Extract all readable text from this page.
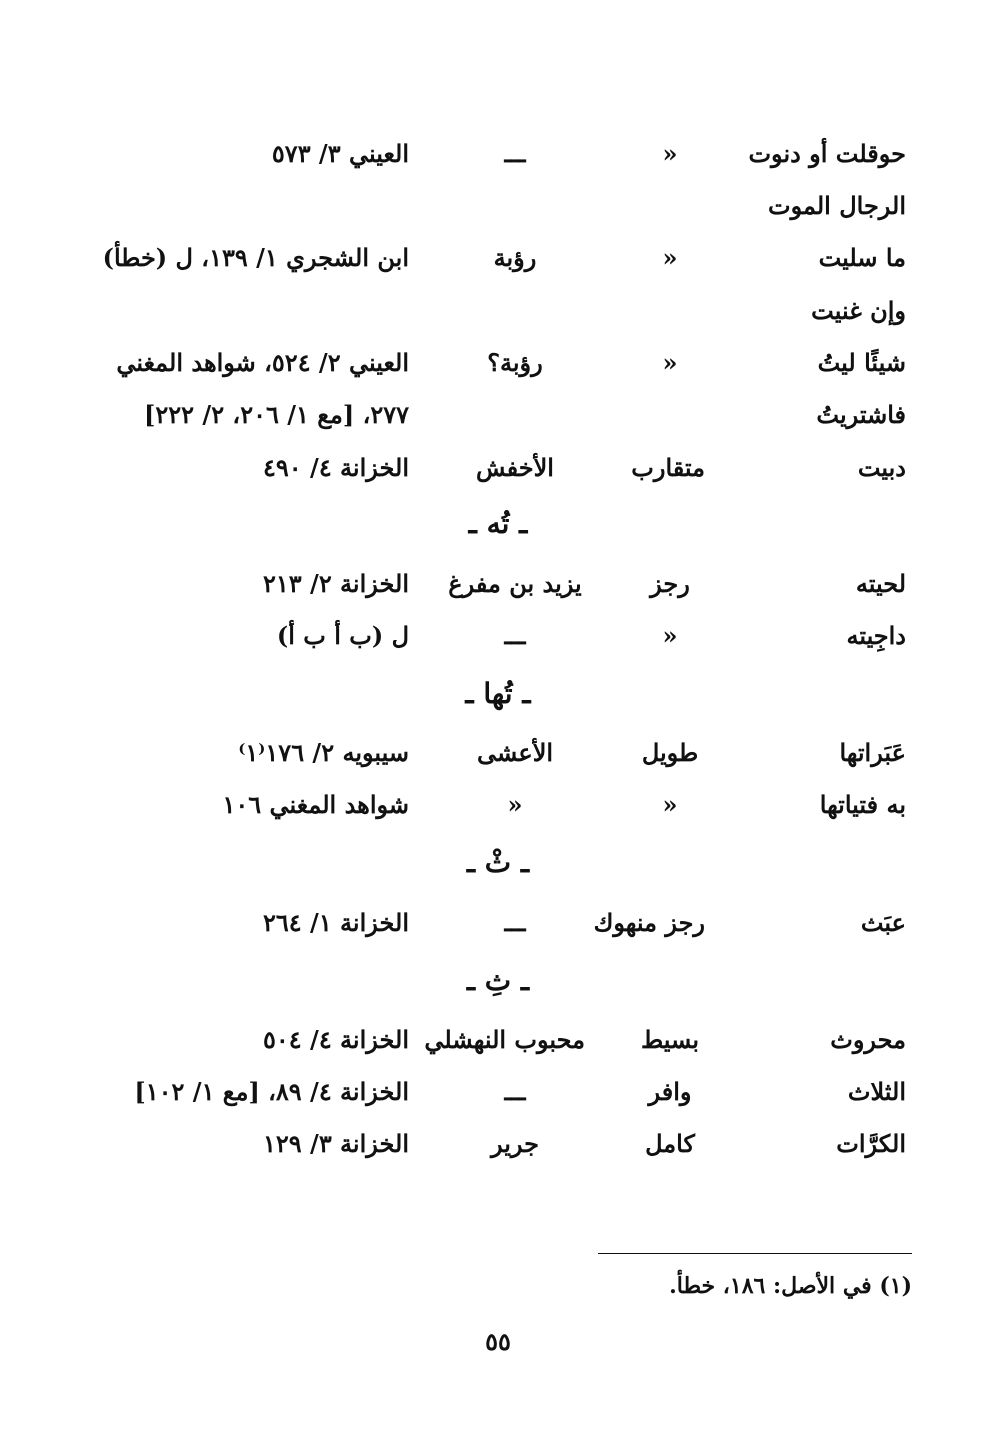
حوقلت أو دنوت
«
ـــ
العيني ٣/ ٥٧٣
الرجال الموت
ما سليت
«
رؤبة
ابن الشجري ١/ ١٣٩، ل (خطأ)
وإن غنيت
شيئًا ليتُ
«
رؤبة؟
العيني ٢/ ٥٢٤، شواهد المغني
فاشتريتُ
٢٧٧، [مع ١/ ٢٠٦، ٢/ ٢٢٢]
دبيت
متقارب
الأخفش
الخزانة ٤/ ٤٩٠
ـ تُه ـ
لحيته
رجز
يزيد بن مفرغ
الخزانة ٢/ ٢١٣
داجِيته
«
ـــ
ل (ب أ ب أ)
ـ تُها ـ
عَبَراتها
طويل
الأعشى
سيبويه ٢/ ١٧٦⁽١⁾
به فتياتها
«
«
شواهد المغني ١٠٦
ـ ثْ ـ
عبَث
رجز منهوك
ـــ
الخزانة ١/ ٢٦٤
ـ ثِ ـ
محروث
بسيط
محبوب النهشلي
الخزانة ٤/ ٥٠٤
الثلاث
وافر
ـــ
الخزانة ٤/ ٨٩، [مع ١/ ١٠٢]
الكرَّات
كامل
جرير
الخزانة ٣/ ١٢٩
(١) في الأصل: ١٨٦، خطأ.
٥٥
